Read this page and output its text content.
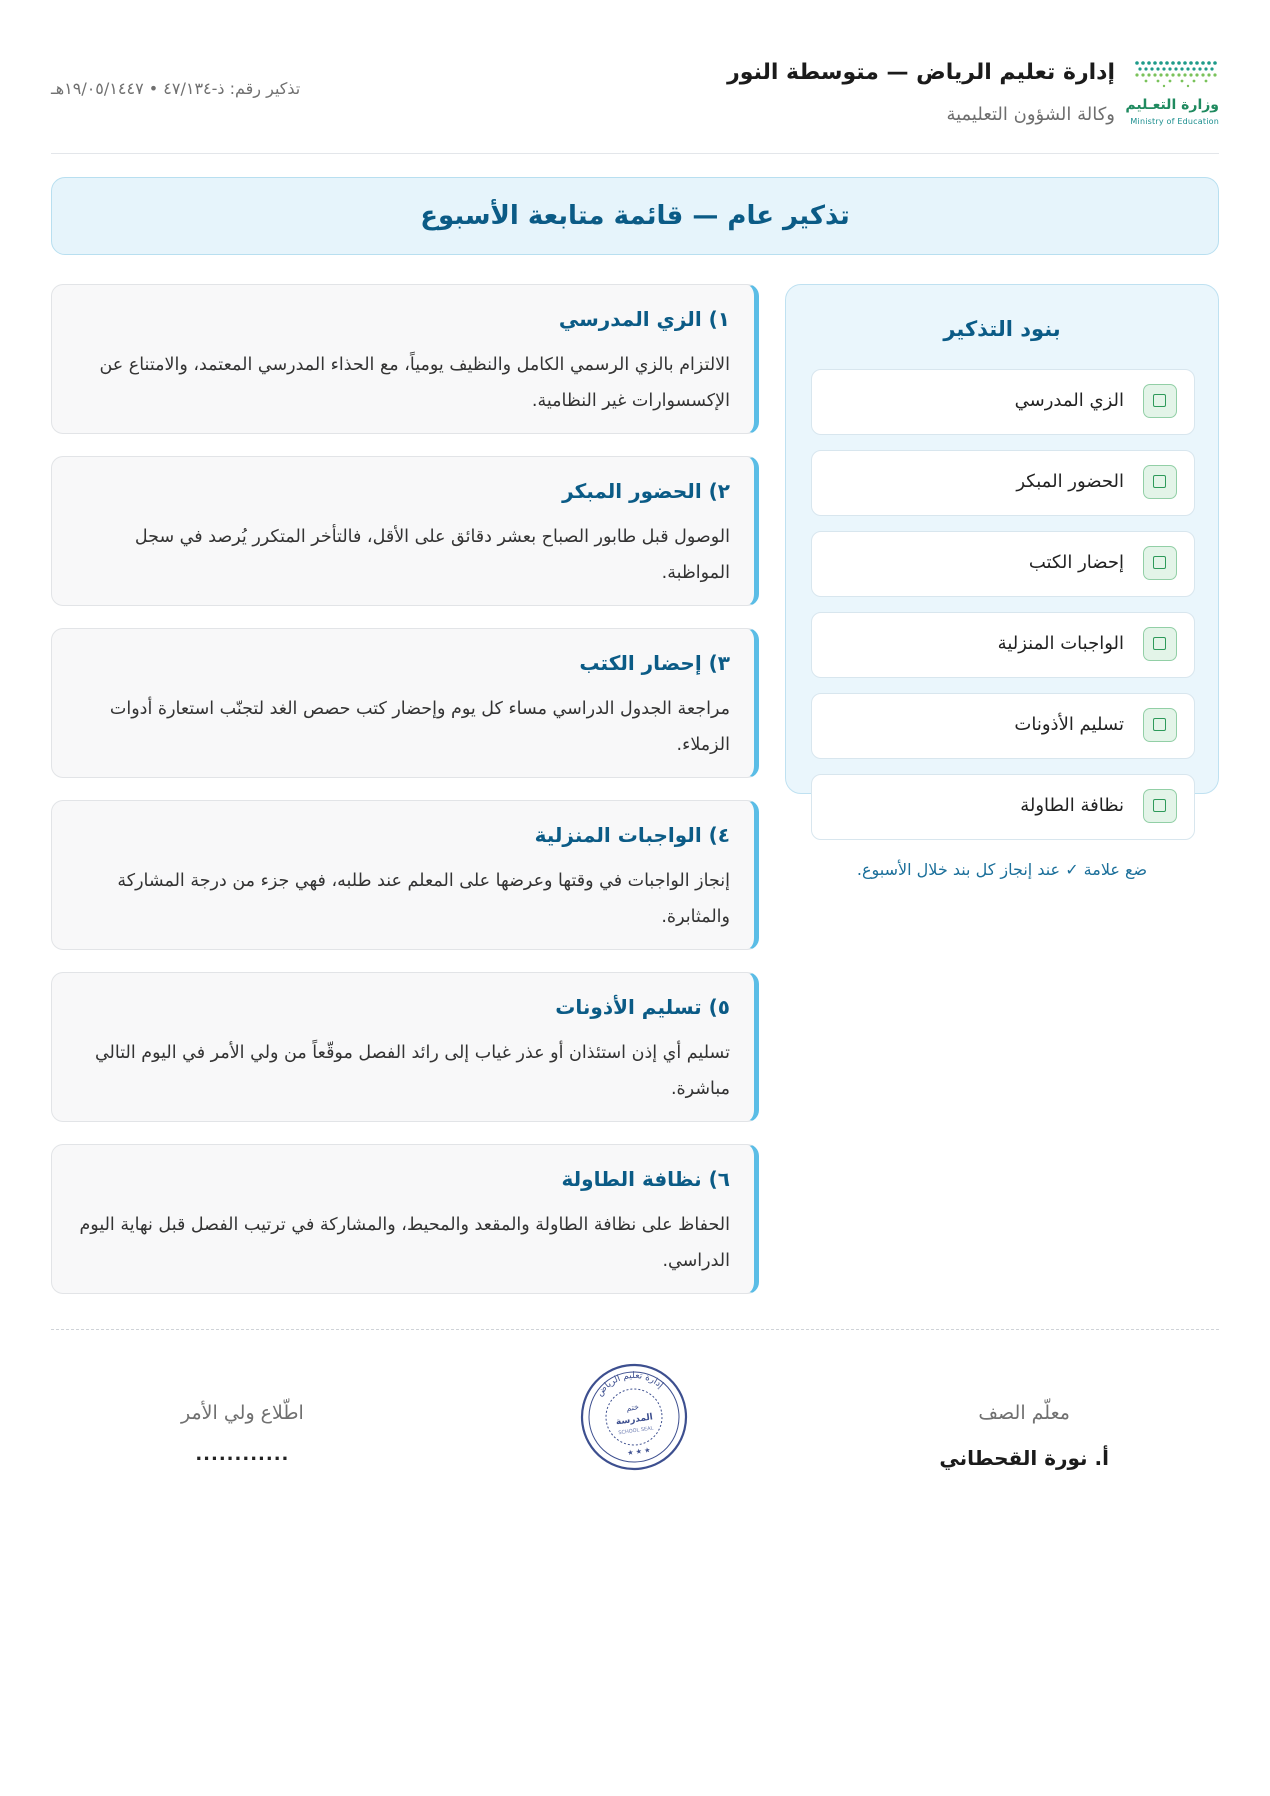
وزارة التعـليم
Ministry of Education
إدارة تعليم الرياض — متوسطة النور
وكالة الشؤون التعليمية
تذكير رقم: ذ-٤٧/١٣٤ • ١٩/٠٥/١٤٤٧هـ
تذكير عام — قائمة متابعة الأسبوع
بنود التذكير
الزي المدرسي
الحضور المبكر
إحضار الكتب
الواجبات المنزلية
تسليم الأذونات
نظافة الطاولة
ضع علامة ✓ عند إنجاز كل بند خلال الأسبوع.
١) الزي المدرسي

الالتزام بالزي الرسمي الكامل والنظيف يومياً، مع الحذاء المدرسي المعتمد، والامتناع عن الإكسسوارات غير النظامية.

٢) الحضور المبكر

الوصول قبل طابور الصباح بعشر دقائق على الأقل، فالتأخر المتكرر يُرصد في سجل المواظبة.

٣) إحضار الكتب

مراجعة الجدول الدراسي مساء كل يوم وإحضار كتب حصص الغد لتجنّب استعارة أدوات الزملاء.

٤) الواجبات المنزلية

إنجاز الواجبات في وقتها وعرضها على المعلم عند طلبه، فهي جزء من درجة المشاركة والمثابرة.

٥) تسليم الأذونات

تسليم أي إذن استئذان أو عذر غياب إلى رائد الفصل موقّعاً من ولي الأمر في اليوم التالي مباشرة.

٦) نظافة الطاولة

الحفاظ على نظافة الطاولة والمقعد والمحيط، والمشاركة في ترتيب الفصل قبل نهاية اليوم الدراسي.

معلّم الصف
أ. نورة القحطاني
إدارة تعليم الرياض
ختم
المدرسة
SCHOOL SEAL
★ ★ ★
اطّلاع ولي الأمر
............
